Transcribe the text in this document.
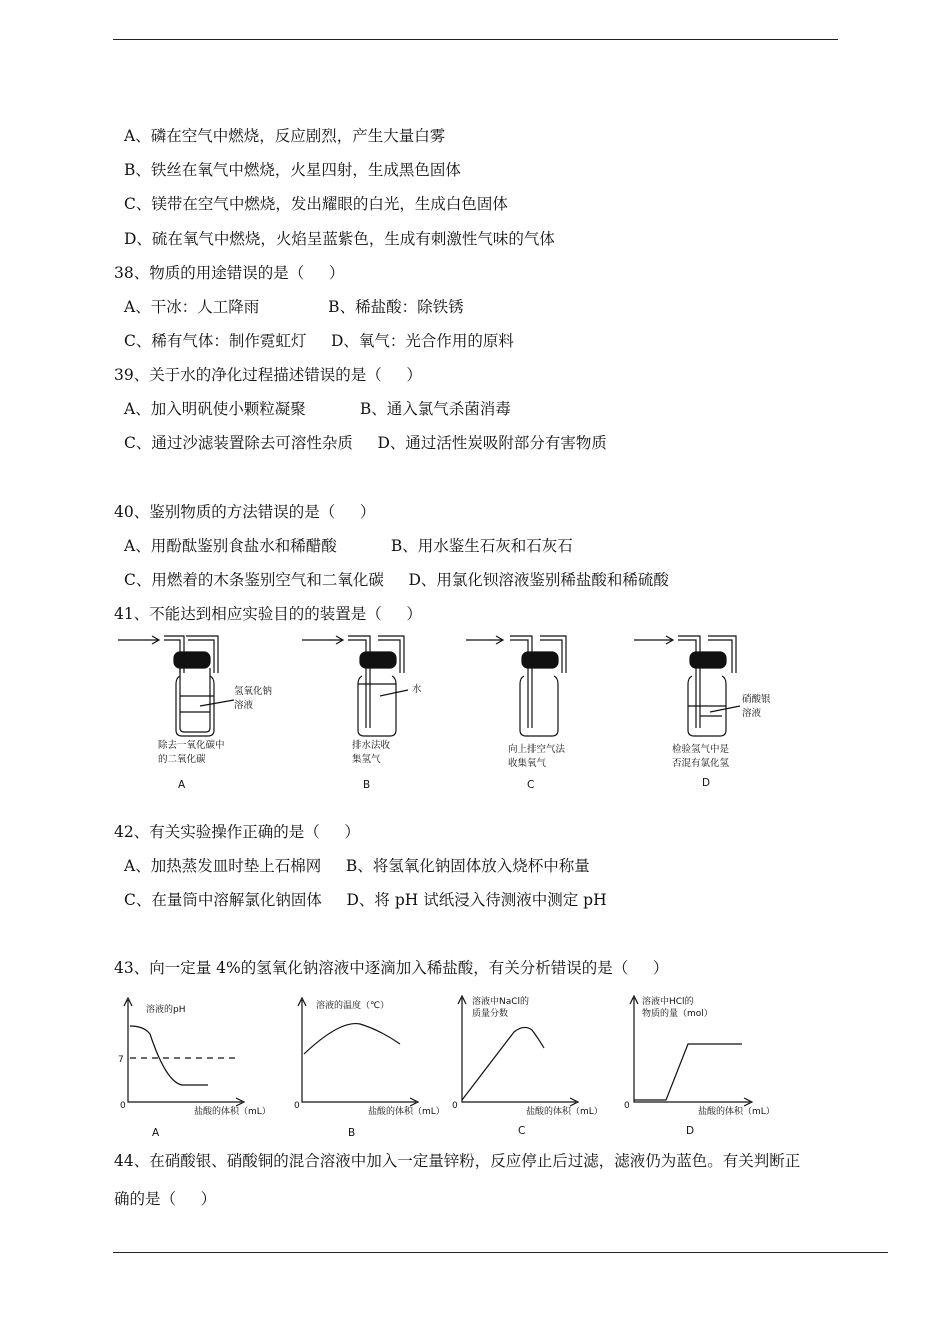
A、磷在空气中燃烧，反应剧烈，产生大量白雾
B、铁丝在氧气中燃烧，火星四射，生成黑色固体
C、镁带在空气中燃烧，发出耀眼的白光，生成白色固体
D、硫在氧气中燃烧，火焰呈蓝紫色，生成有刺激性气味的气体
38、物质的用途错误的是（     ）
A、干冰：人工降雨              B、稀盐酸：除铁锈
C、稀有气体：制作霓虹灯     D、氧气：光合作用的原料
39、关于水的净化过程描述错误的是（     ）
A、加入明矾使小颗粒凝聚           B、通入氯气杀菌消毒
C、通过沙滤装置除去可溶性杂质     D、通过活性炭吸附部分有害物质
40、鉴别物质的方法错误的是（     ）
A、用酚酞鉴别食盐水和稀醋酸           B、用水鉴生石灰和石灰石
C、用燃着的木条鉴别空气和二氧化碳     D、用氯化钡溶液鉴别稀盐酸和稀硫酸
41、不能达到相应实验目的的装置是（     ）
氢氧化钠
溶液
除去一氧化碳中
的二氧化碳
A
水
排水法收
集氢气
B
向上排空气法
收集氧气
C
硝酸银
溶液
检验氢气中是
否混有氯化氢
D
42、有关实验操作正确的是（     ）
A、加热蒸发皿时垫上石棉网     B、将氢氧化钠固体放入烧杯中称量
C、在量筒中溶解氯化钠固体     D、将 pH 试纸浸入待测液中测定 pH
43、向一定量 4%的氢氧化钠溶液中逐滴加入稀盐酸，有关分析错误的是（     ）
溶液的pH
7
0
盐酸的体积（mL）
A
溶液的温度（℃）
0
盐酸的体积（mL）
B
溶液中NaCl的
质量分数
0
盐酸的体积（mL）
C
溶液中HCl的
物质的量（mol）
0
盐酸的体积（mL）
D
44、在硝酸银、硝酸铜的混合溶液中加入一定量锌粉，反应停止后过滤，滤液仍为蓝色。有关判断正
确的是（     ）
